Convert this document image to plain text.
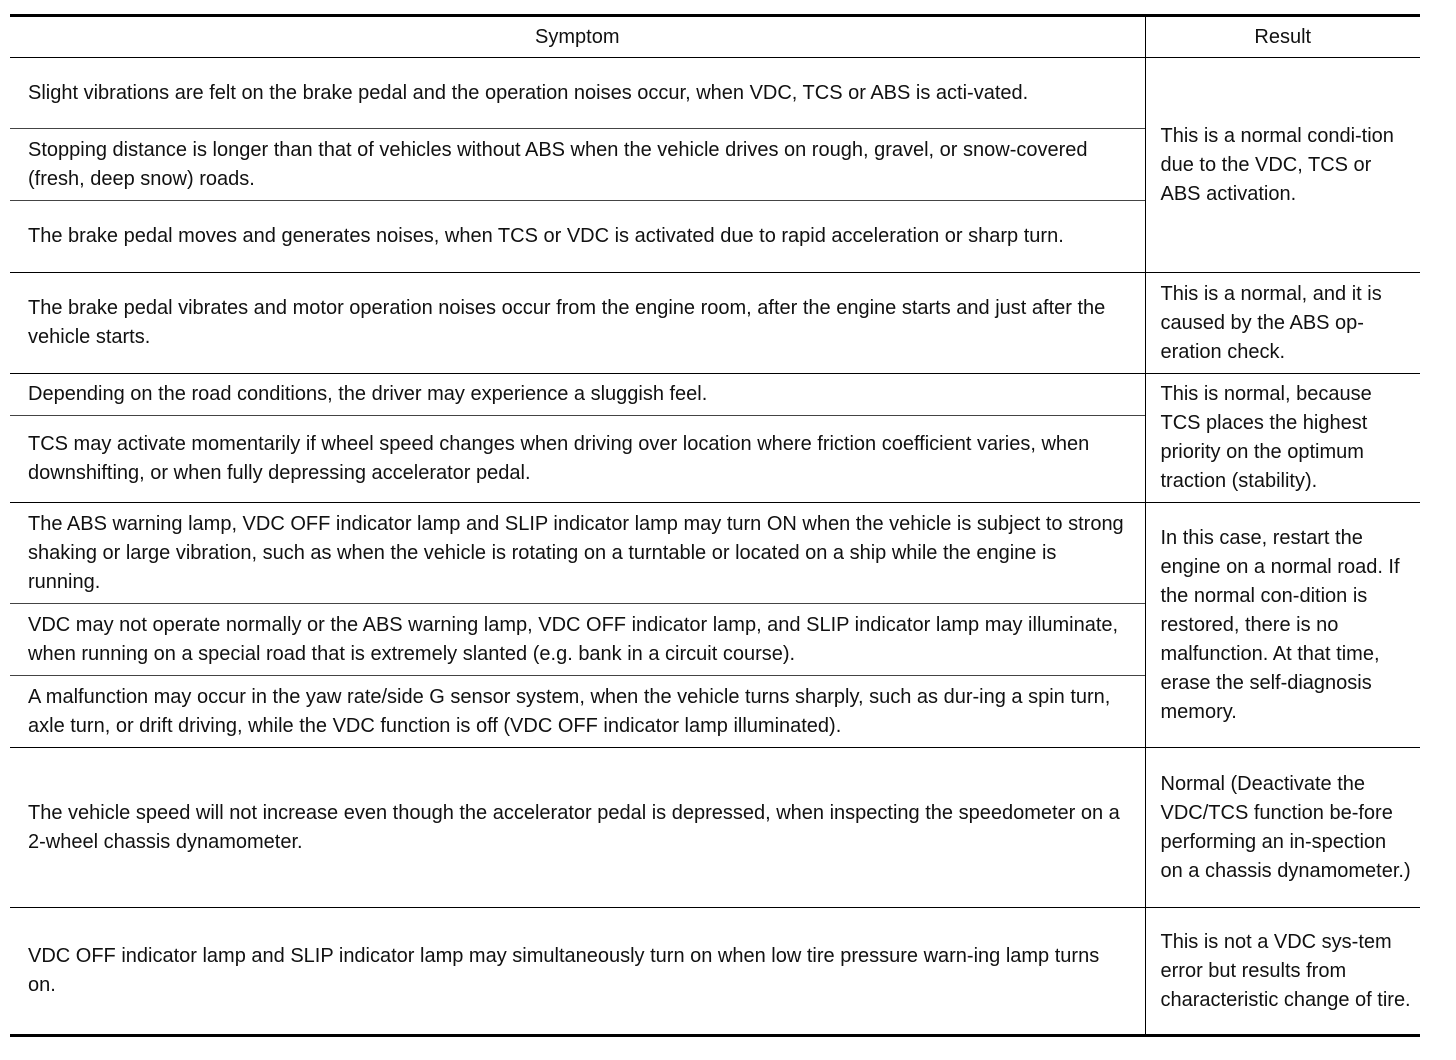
Symptom	Result
Slight vibrations are felt on the brake pedal and the operation noises occur, when VDC, TCS or ABS is acti-vated.	This is a normal condi-tion due to the VDC, TCS or ABS activation.
Stopping distance is longer than that of vehicles without ABS when the vehicle drives on rough, gravel, or snow-covered (fresh, deep snow) roads.	
The brake pedal moves and generates noises, when TCS or VDC is activated due to rapid acceleration or sharp turn.	
The brake pedal vibrates and motor operation noises occur from the engine room, after the engine starts and just after the vehicle starts.	This is a normal, and it is caused by the ABS op-eration check.
Depending on the road conditions, the driver may experience a sluggish feel.	This is normal, because TCS places the highest priority on the optimum traction (stability).
TCS may activate momentarily if wheel speed changes when driving over location where friction coefficient varies, when downshifting, or when fully depressing accelerator pedal.	
The ABS warning lamp, VDC OFF indicator lamp and SLIP indicator lamp may turn ON when the vehicle is subject to strong shaking or large vibration, such as when the vehicle is rotating on a turntable or located on a ship while the engine is running.	In this case, restart the engine on a normal road. If the normal con-dition is restored, there is no malfunction. At that time, erase the self-diagnosis memory.
VDC may not operate normally or the ABS warning lamp, VDC OFF indicator lamp, and SLIP indicator lamp may illuminate, when running on a special road that is extremely slanted (e.g. bank in a circuit course).	
A malfunction may occur in the yaw rate/side G sensor system, when the vehicle turns sharply, such as dur-ing a spin turn, axle turn, or drift driving, while the VDC function is off (VDC OFF indicator lamp illuminated).	
The vehicle speed will not increase even though the accelerator pedal is depressed, when inspecting the speedometer on a 2-wheel chassis dynamometer.	Normal (Deactivate the VDC/TCS function be-fore performing an in-spection on a chassis dynamometer.)
VDC OFF indicator lamp and SLIP indicator lamp may simultaneously turn on when low tire pressure warn-ing lamp turns on.	This is not a VDC sys-tem error but results from characteristic change of tire.
